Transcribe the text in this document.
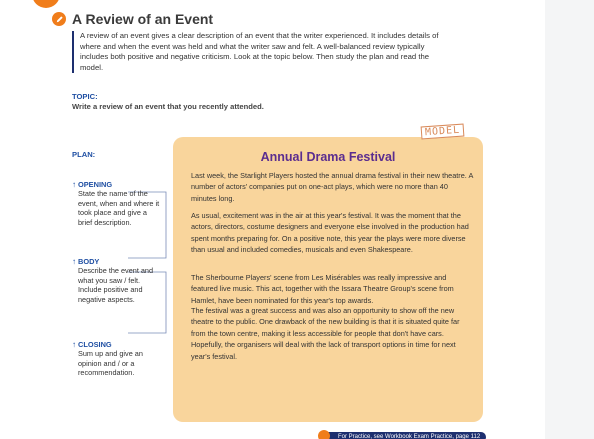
A Review of an Event
A review of an event gives a clear description of an event that the writer experienced. It includes details of where and when the event was held and what the writer saw and felt. A well-balanced review typically includes both positive and negative criticism. Look at the topic below. Then study the plan and read the model.
TOPIC:
Write a review of an event that you recently attended.
PLAN:
↑ OPENING
State the name of the event, when and where it took place and give a brief description.
↑ BODY
Describe the event and what you saw / felt. Include positive and negative aspects.
↑ CLOSING
Sum up and give an opinion and / or a recommendation.
MODEL
Annual Drama Festival
Last week, the Starlight Players hosted the annual drama festival in their new theatre. A number of actors' companies put on one-act plays, which were no more than 40 minutes long.
As usual, excitement was in the air at this year's festival. It was the moment that the actors, directors, costume designers and everyone else involved in the production had spent months preparing for. On a positive note, this year the plays were more diverse than usual and included comedies, musicals and even Shakespeare.
The Sherbourne Players' scene from Les Misérables was really impressive and featured live music. This act, together with the Issara Theatre Group's scene from Hamlet, have been nominated for this year's top awards.
The festival was a great success and was also an opportunity to show off the new theatre to the public. One drawback of the new building is that it is situated quite far from the town centre, making it less accessible for people that don't have cars. Hopefully, the organisers will deal with the lack of transport options in time for next year's festival.
For Practice, see Workbook Exam Practice, page 112
